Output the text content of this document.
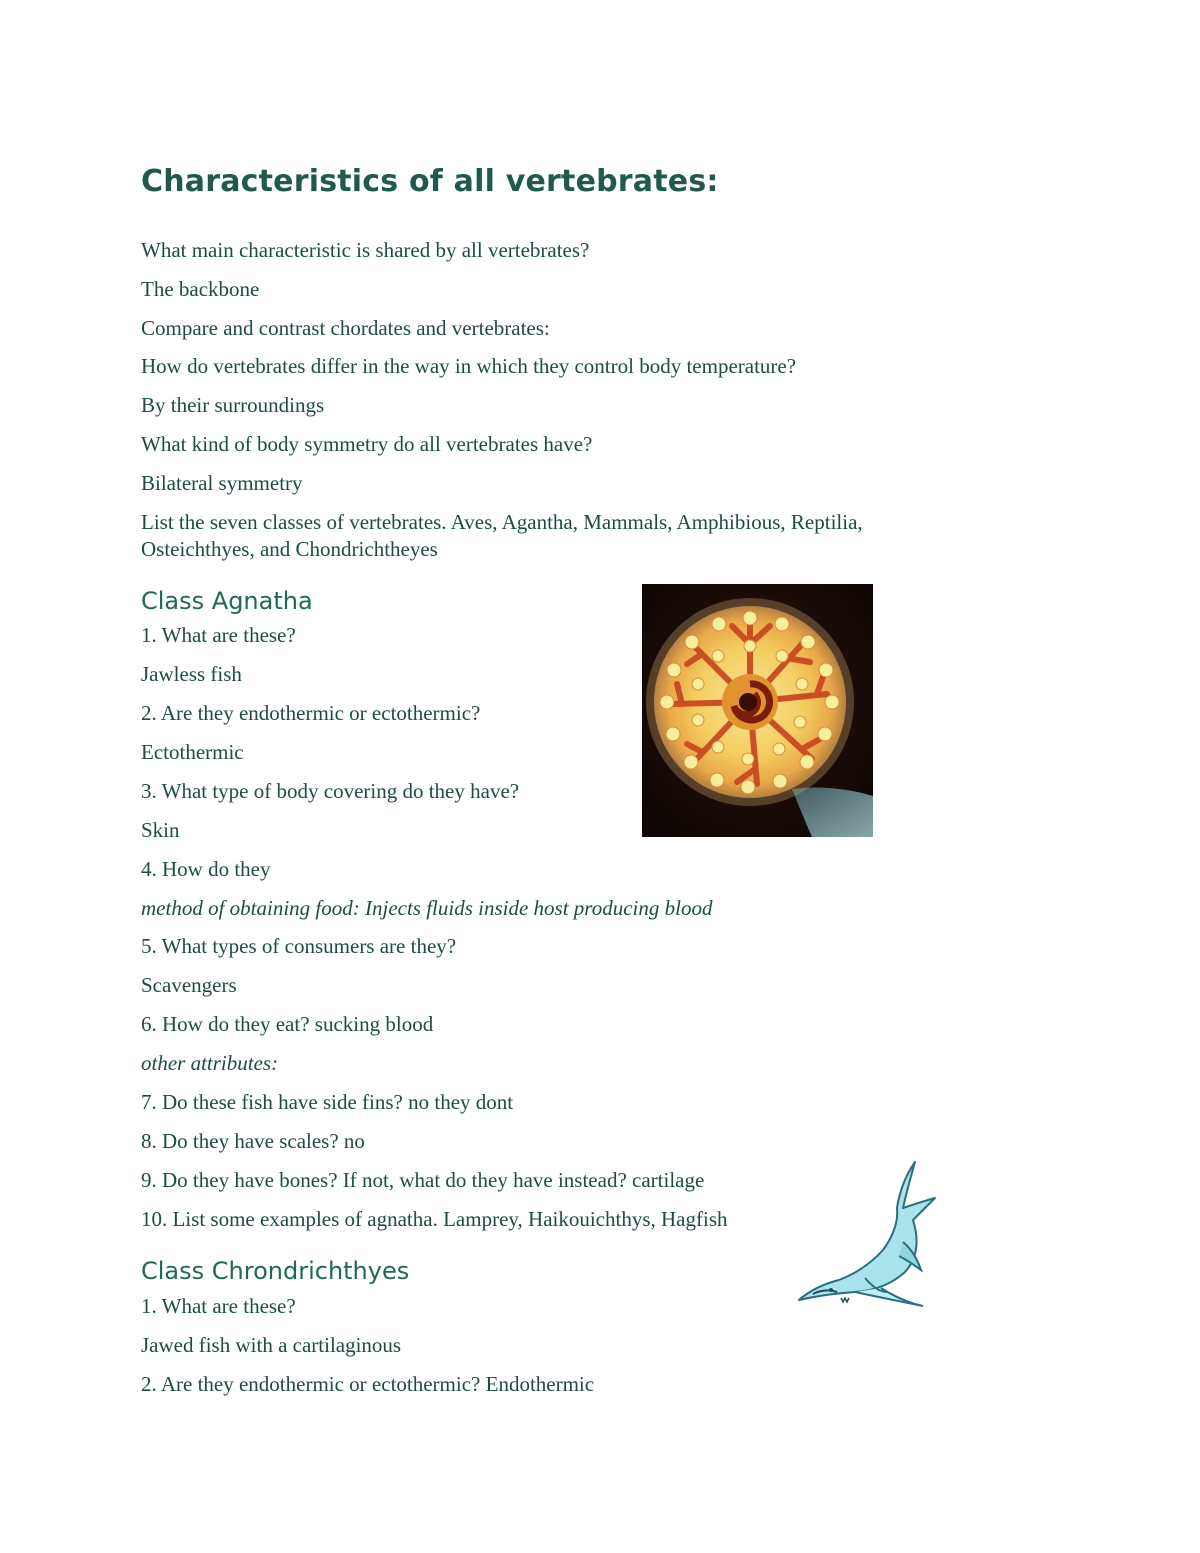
Characteristics of all vertebrates:
What main characteristic is shared by all vertebrates?
The backbone
Compare and contrast chordates and vertebrates:
How do vertebrates differ in the way in which they control body temperature?
By their surroundings
What kind of body symmetry do all vertebrates have?
Bilateral symmetry
List the seven classes of vertebrates. Aves, Agantha, Mammals, Amphibious, Reptilia, Osteichthyes, and Chondrichtheyes
Class Agnatha
1. What are these?
Jawless fish
2. Are they endothermic or ectothermic?
Ectothermic
3. What type of body covering do they have?
Skin
4. How do they
method of obtaining food: Injects fluids inside host producing blood
5. What types of consumers are they?
Scavengers
6. How do they eat? sucking blood
other attributes:
7. Do these fish have side fins? no they dont
8. Do they have scales? no
9. Do they have bones? If not, what do they have instead? cartilage
10. List some examples of agnatha. Lamprey, Haikouichthys, Hagfish
Class Chrondrichthyes
1. What are these?
Jawed fish with a cartilaginous
2. Are they endothermic or ectothermic? Endothermic
